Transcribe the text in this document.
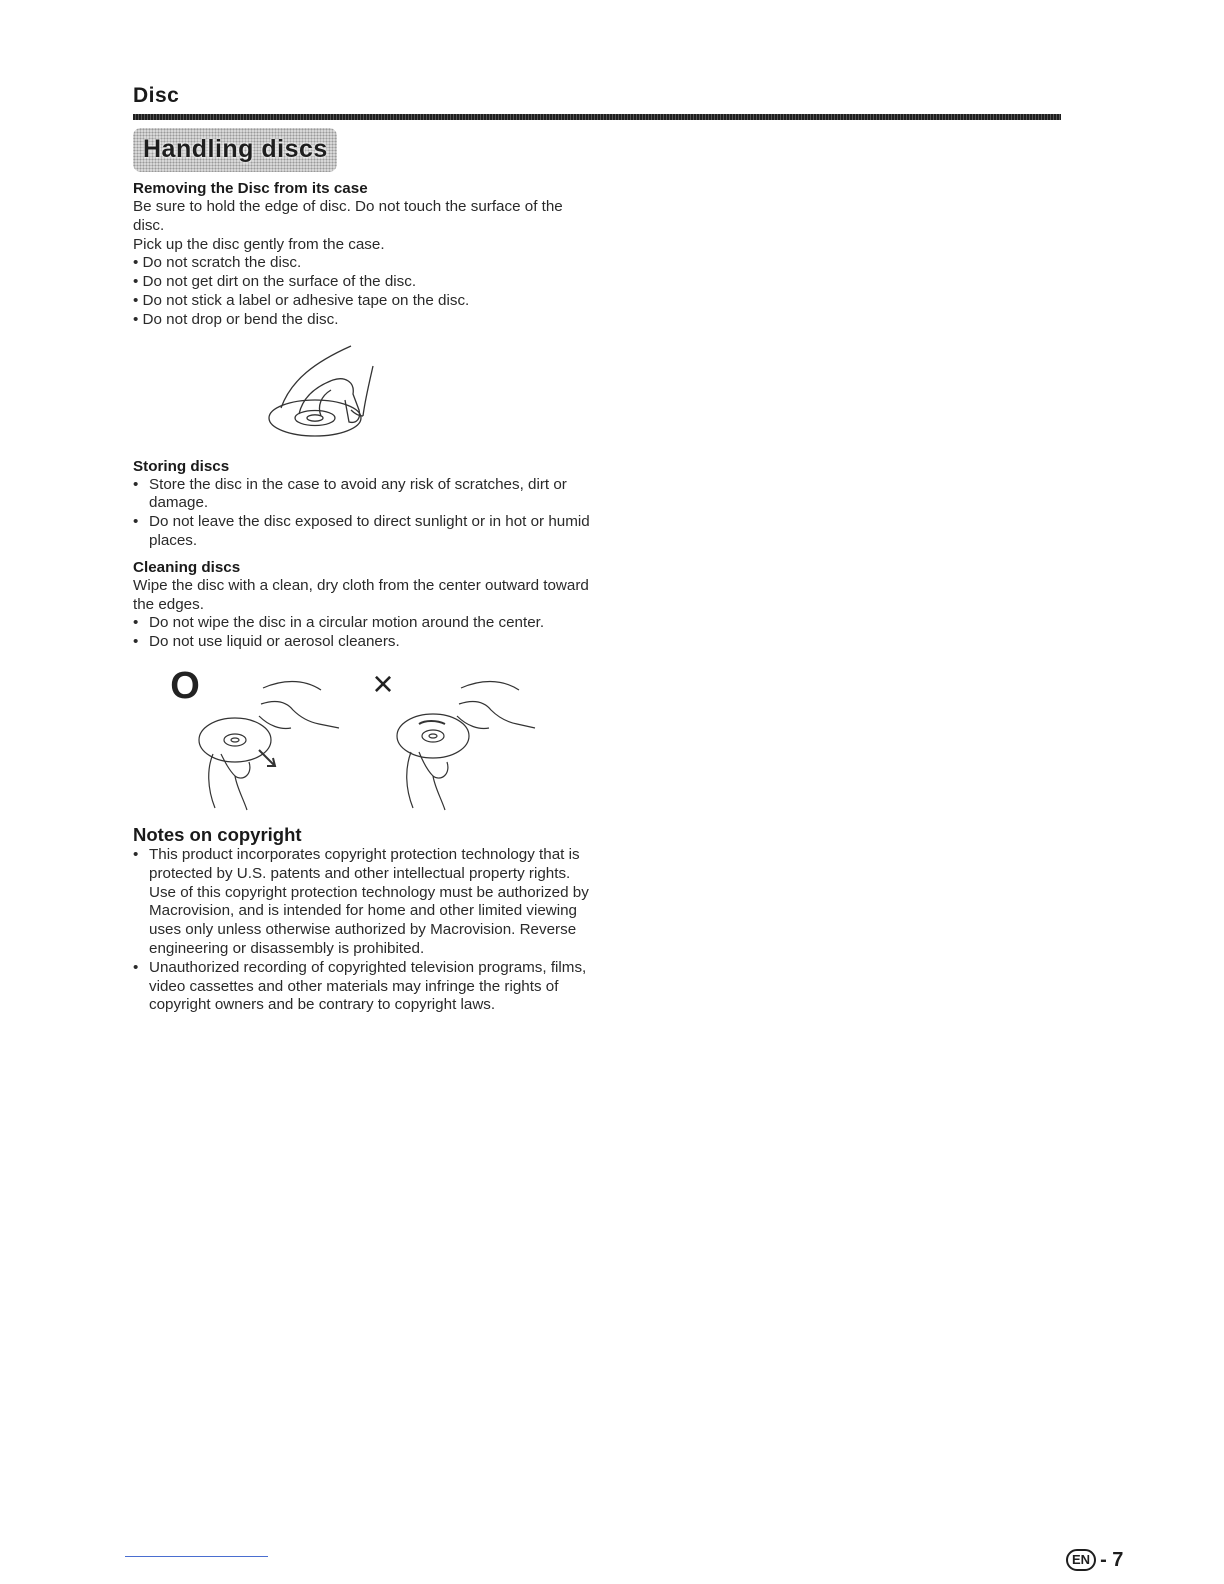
Disc
Handling discs
Removing the Disc from its case

Be sure to hold the edge of disc. Do not touch the surface of the disc.

Pick up the disc gently from the case.

• Do not scratch the disc.
• Do not get dirt on the surface of the disc.
• Do not stick a label or adhesive tape on the disc.
• Do not drop or bend the disc.
Storing discs
• Store the disc in the case to avoid any risk of scratches, dirt or damage.
• Do not leave the disc exposed to direct sunlight or in hot or humid places.
Cleaning discs

Wipe the disc with a clean, dry cloth from the center outward toward the edges.

• Do not wipe the disc in a circular motion around the center.
• Do not use liquid or aerosol cleaners.
O	×
Notes on copyright
• This product incorporates copyright protection technology that is protected by U.S. patents and other intellectual property rights. Use of this copyright protection technology must be authorized by Macrovision, and is intended for home and other limited viewing uses only unless otherwise authorized by Macrovision. Reverse engineering or disassembly is prohibited.
• Unauthorized recording of copyrighted television programs, films, video cassettes and other materials may infringe the rights of copyright owners and be contrary to copyright laws.
EN - 7
